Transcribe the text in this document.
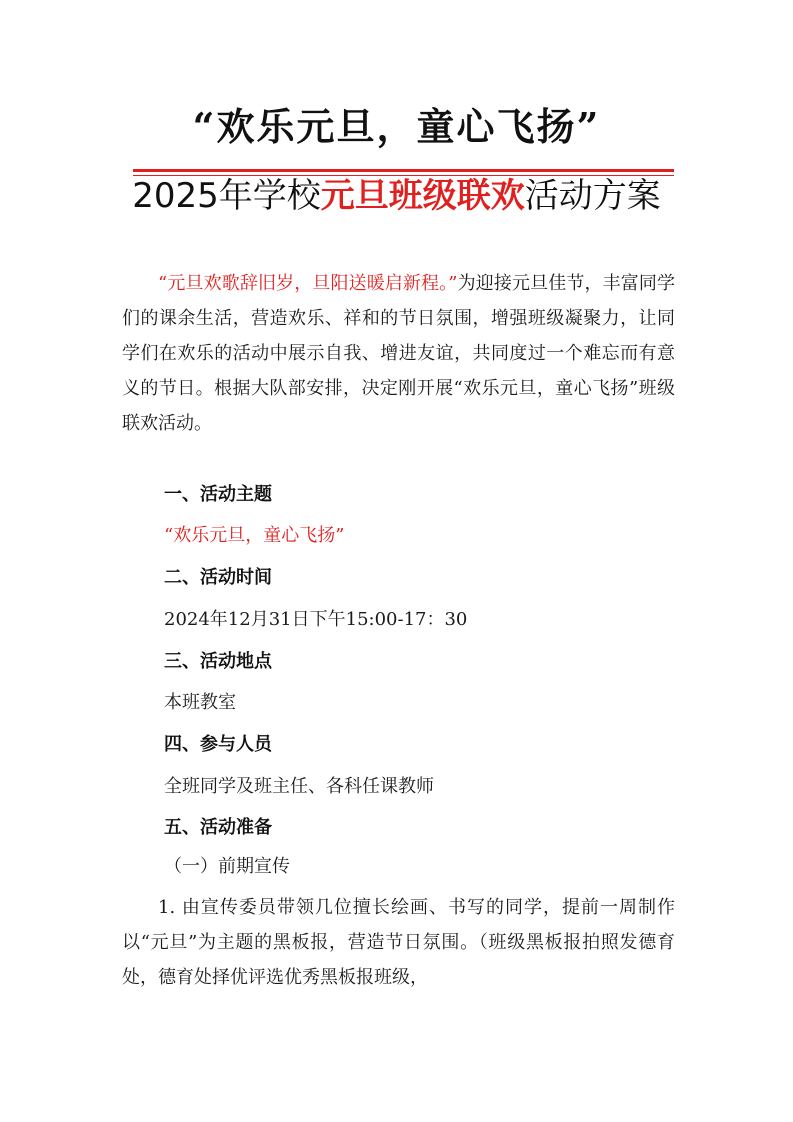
“欢乐元旦，童心飞扬”
2025年学校元旦班级联欢活动方案

“元旦欢歌辞旧岁，旦阳送暖启新程。”为迎接元旦佳节，丰富同学们的课余生活，营造欢乐、祥和的节日氛围，增强班级凝聚力，让同学们在欢乐的活动中展示自我、增进友谊，共同度过一个难忘而有意义的节日。根据大队部安排，决定刚开展“欢乐元旦，童心飞扬”班级联欢活动。

一、活动主题
“欢乐元旦，童心飞扬”
二、活动时间
2024年12月31日下午15:00-17：30
三、活动地点
本班教室
四、参与人员
全班同学及班主任、各科任课教师
五、活动准备
（一）前期宣传

1. 由宣传委员带领几位擅长绘画、书写的同学，提前一周制作以“元旦”为主题的黑板报，营造节日氛围。（班级黑板报拍照发德育处，德育处择优评选优秀黑板报班级，
